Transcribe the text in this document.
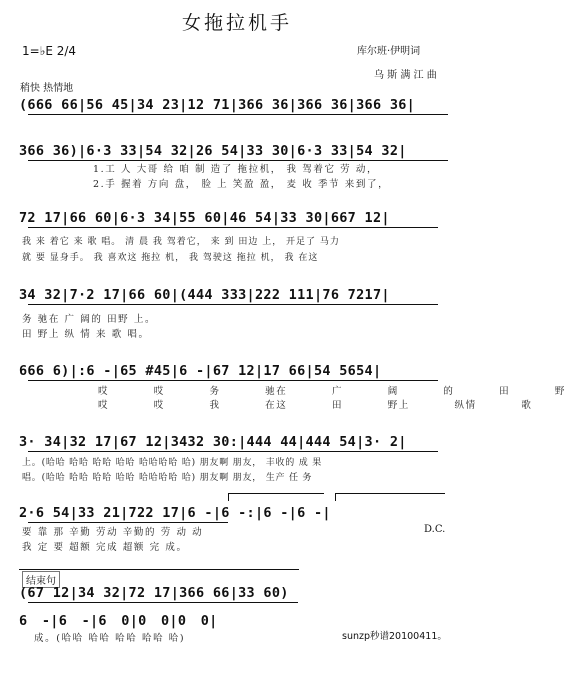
女拖拉机手
1=♭E 2/4	库尔班·伊明词
乌 斯 满 江 曲
稍快 热情地
(666 66|56 45|34 23|12 71|366 36|366 36|366 36|
366 36)|6·3 33|54 32|26 54|33 30|6·3 33|54 32|
1.工 人 大哥 给 咱 制 造了 拖拉机， 我 驾着它 劳 动，
2.手 握着 方向 盘， 脸 上 笑盈 盈， 麦 收 季节 来到了，
72 17|66 60|6·3 34|55 60|46 54|33 30|667 12|
我 来 着它 来 歌 唱。 清 晨 我 驾着它， 来 到 田边 上， 开足了 马力
就 要 显身手。 我 喜欢这 拖拉 机， 我 驾驶这 拖拉 机， 我 在这
34 32|7·2 17|66 60|(444 333|222 111|76 7217|
务 驰在 广 阔的 田野 上。
田 野上 纵 情 来 歌 唱。
666 6)|:6 -|65 #45|6 -|67 12|17 66|54 5654|
哎 哎 务 驰在 广 阔 的 田 野
哎 哎 我 在这 田 野上 纵情 歌
3· 34|32 17|67 12|3432 30:|444 44|444 54|3· 2|
上。(哈哈 哈哈 哈哈 哈哈 哈哈哈哈 哈) 朋友啊 朋友， 丰收的 成 果
唱。(哈哈 哈哈 哈哈 哈哈 哈哈哈哈 哈) 朋友啊 朋友， 生产 任 务
2·6 54|33 21|722 17|6 -|6 -:|6 -|6 -|
要 靠 那 辛勤 劳动 辛勤的 劳 动 动
我 定 要 超额 完成 超额 完 成。
D.C.
结束句
(67 12|34 32|72 17|366 66|33 60)
6 -|6 -|6 0|0 0|0 0|
成。(哈哈 哈哈 哈哈 哈哈 哈)	sunzp秒谱20100411。
